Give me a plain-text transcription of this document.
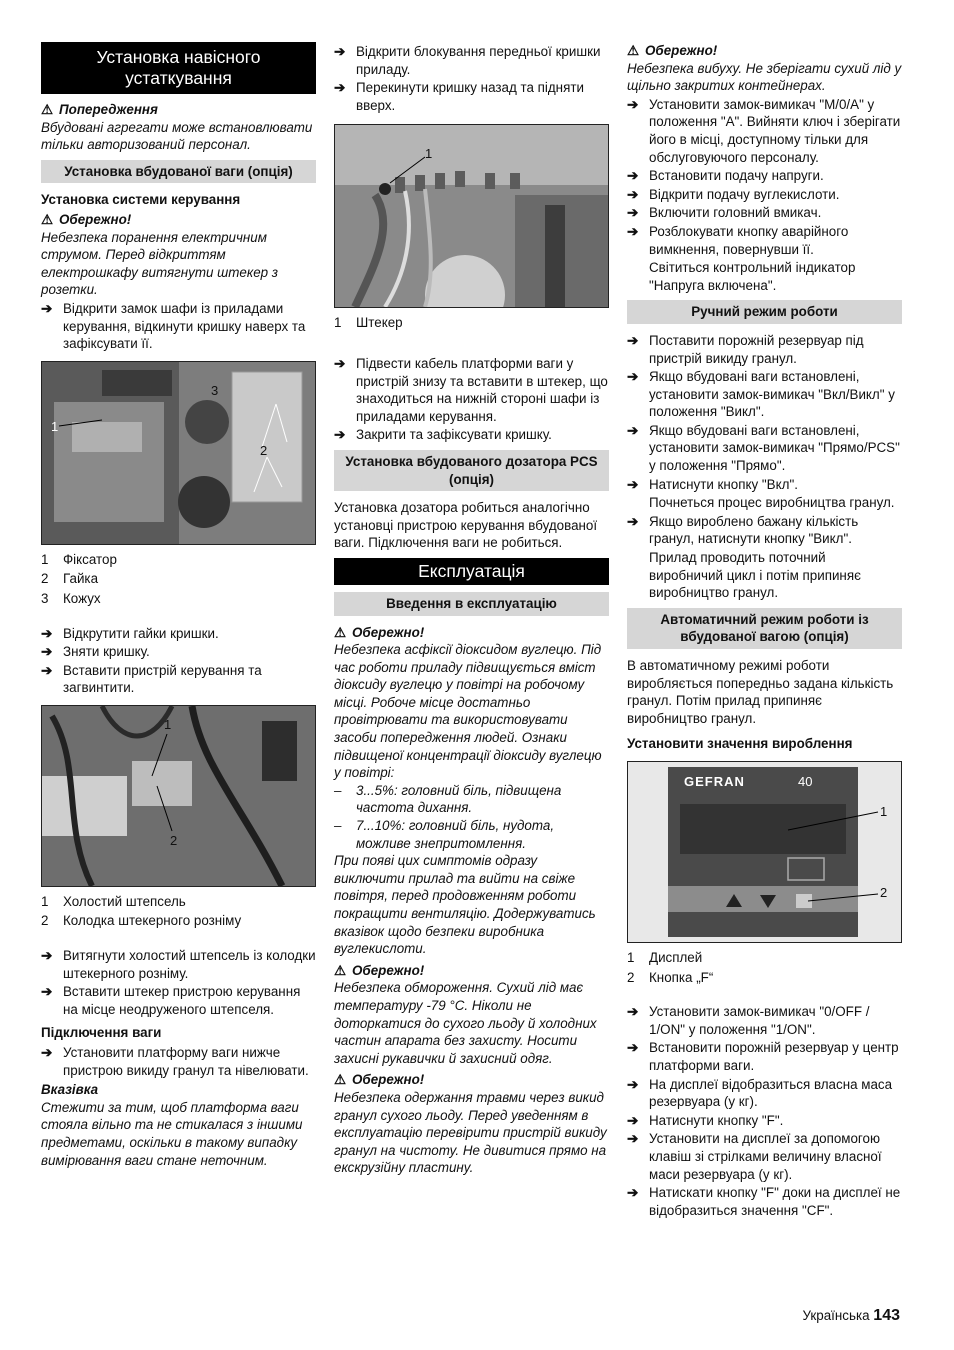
Установка навісного устаткування
⚠ Попередження

Вбудовані агрегати може встановлювати тільки авторизований персонал.

Установка вбудованої ваги (опція)
Установка системи керування
⚠ Обережно!

Небезпека поранення електричним струмом. Перед відкриттям електрошкафу витягнути штекер з розетки.

➔ Відкрити замок шафи із приладами керування, відкинути кришку наверх та зафіксувати її.
1
3
2
1 Фіксатор
2 Гайка
3 Кожух
➔ Відкрутити гайки кришки.
➔ Зняти кришку.
➔ Вставити пристрій керування та загвинтити.
1
2
1 Холостий штепсель
2 Колодка штекерного розніму
➔ Витягнути холостий штепсель із колодки штекерного розніму.
➔ Вставити штекер пристрою керування на місце неодруженого штепселя.
Підключення ваги
➔ Установити платформу ваги нижче пристрою викиду гранул та нівелювати.
Вказівка

Стежити за тим, щоб платформа ваги стояла вільно та не стикалася з іншими предметами, оскільки в такому випадку вимірювання ваги стане неточним.

➔ Відкрити блокування передньої кришки приладу.
➔ Перекинути кришку назад та підняти вверх.
1
1 Штекер
➔ Підвести кабель платформи ваги у пристрій знизу та вставити в штекер, що знаходиться на нижній стороні шафи із приладами керування.
➔ Закрити та зафіксувати кришку.
Установка вбудованого дозатора PCS (опція)

Установка дозатора робиться аналогічно установці пристрою керування вбудованої ваги. Підключення ваги не робиться.

Експлуатація
Введення в експлуатацію
⚠ Обережно!

Небезпека асфіксії діоксидом вуглецю. Під час роботи приладу підвищується вміст діоксиду вуглецю у повітрі на робочому місці. Робоче місце достатньо провітрювати та використовувати засоби попередження людей. Ознаки підвищеної концентрації діоксиду вуглецю у повітрі:

– 3...5%: головний біль, підвищена частота дихання.
– 7...10%: головний біль, нудота, можливе знепритомлення.

При появі цих симптомів одразу виключити прилад та вийти на свіже повітря, перед продовженням роботи покращити вентиляцію. Додержуватись вказівок щодо безпеки виробника вуглекислоти.

⚠ Обережно!

Небезпека обмороження. Сухий лід має температуру -79 °C. Ніколи не доторкатися до сухого льоду й холодних частин апарата без захисту. Носити захисні рукавички й захисний одяг.

⚠ Обережно!

Небезпека одержання травми через викид гранул сухого льоду. Перед уведенням в експлуатацію перевірити пристрій викиду гранул на чистоту. Не дивитися прямо на екскрузійну пластину.

⚠ Обережно!

Небезпека вибуху. Не зберігати сухий лід у щільно закритих контейнерах.

➔ Установити замок-вимикач "M/0/A" у положення "A". Вийняти ключ і зберігати його в місці, доступному тільки для обслуговуючого персоналу.
➔ Встановити подачу напруги.
➔ Відкрити подачу вуглекислоти.
➔ Включити головний вмикач.
➔ Розблокувати кнопку аварійного вимкнення, повернувши її.

Світиться контрольний індикатор "Напруга включена".

Ручний режим роботи
➔ Поставити порожній резервуар під пристрій викиду гранул.
➔ Якщо вбудовані ваги встановлені, установити замок-вимикач "Вкл/Викл" у положення "Викл".
➔ Якщо вбудовані ваги встановлені, установити замок-вимикач "Прямо/PCS" у положення "Прямо".
➔ Натиснути кнопку "Вкл".

Почнеться процес виробництва гранул.

➔ Якщо вироблено бажану кількість гранул, натиснути кнопку "Викл".

Прилад проводить поточний виробничий цикл і потім припиняє виробництво гранул.

Автоматичний режим роботи із вбудованої вагою (опція)

В автоматичному режимі роботи виробляється попередньо задана кількість гранул. Потім прилад припиняє виробництво гранул.

Установити значення вироблення
GEFRAN	40
1
2
1 Дисплей
2 Кнопка „F“
➔ Установити замок-вимикач "0/OFF / 1/ON" у положення "1/ON".
➔ Встановити порожній резервуар у центр платформи ваги.
➔ На дисплеї відобразиться власна маса резервуара (у кг).
➔ Натиснути кнопку "F".
➔ Установити на дисплеї за допомогою клавіш зі стрілками величину власної маси резервуара (у кг).
➔ Натискати кнопку "F" доки на дисплеї не відобразиться значення "CF".
Українська 143
